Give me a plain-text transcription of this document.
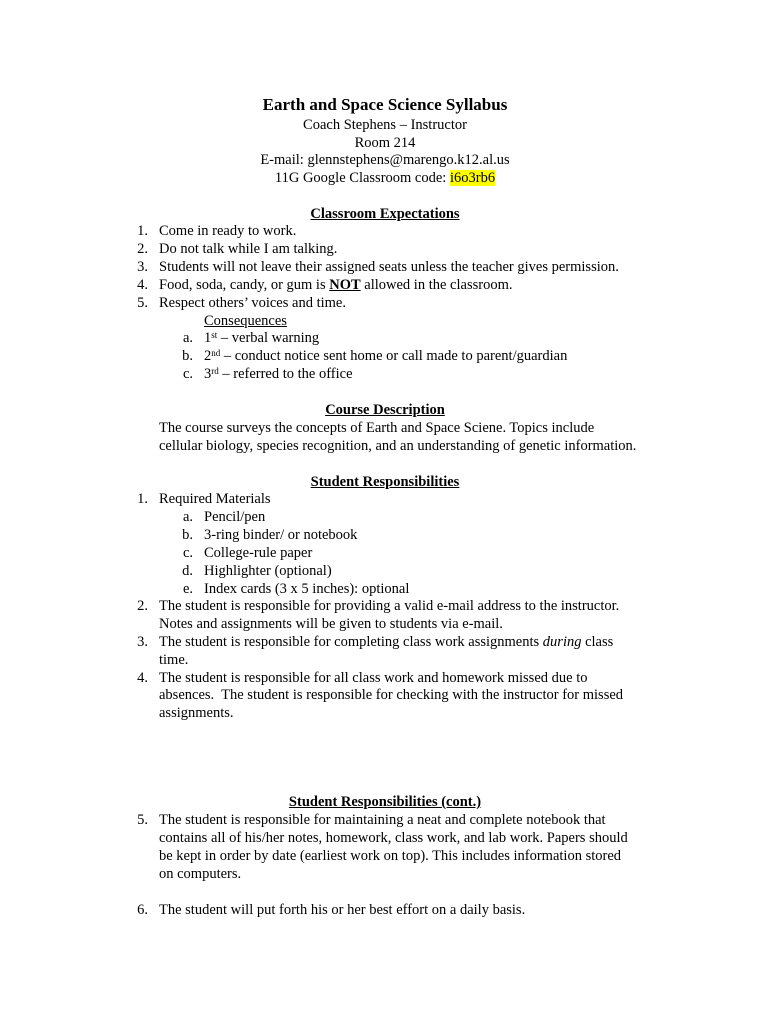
Earth and Space Science Syllabus
Coach Stephens – Instructor
Room 214
E-mail: glennstephens@marengo.k12.al.us
11G Google Classroom code: i6o3rb6
Classroom Expectations
1. Come in ready to work.
2. Do not talk while I am talking.
3. Students will not leave their assigned seats unless the teacher gives permission.
4. Food, soda, candy, or gum is NOT allowed in the classroom.
5. Respect others’ voices and time.
Consequences
a. 1st – verbal warning
b. 2nd – conduct notice sent home or call made to parent/guardian
c. 3rd – referred to the office
Course Description
The course surveys the concepts of Earth and Space Sciene. Topics include
cellular biology, species recognition, and an understanding of genetic information.
Student Responsibilities
1. Required Materials
a. Pencil/pen
b. 3-ring binder/ or notebook
c. College-rule paper
d. Highlighter (optional)
e. Index cards (3 x 5 inches): optional
2. The student is responsible for providing a valid e-mail address to the instructor.
Notes and assignments will be given to students via e-mail.
3. The student is responsible for completing class work assignments during class
time.
4. The student is responsible for all class work and homework missed due to
absences.  The student is responsible for checking with the instructor for missed
assignments.
Student Responsibilities (cont.)
5. The student is responsible for maintaining a neat and complete notebook that
contains all of his/her notes, homework, class work, and lab work. Papers should
be kept in order by date (earliest work on top). This includes information stored
on computers.
6. The student will put forth his or her best effort on a daily basis.
